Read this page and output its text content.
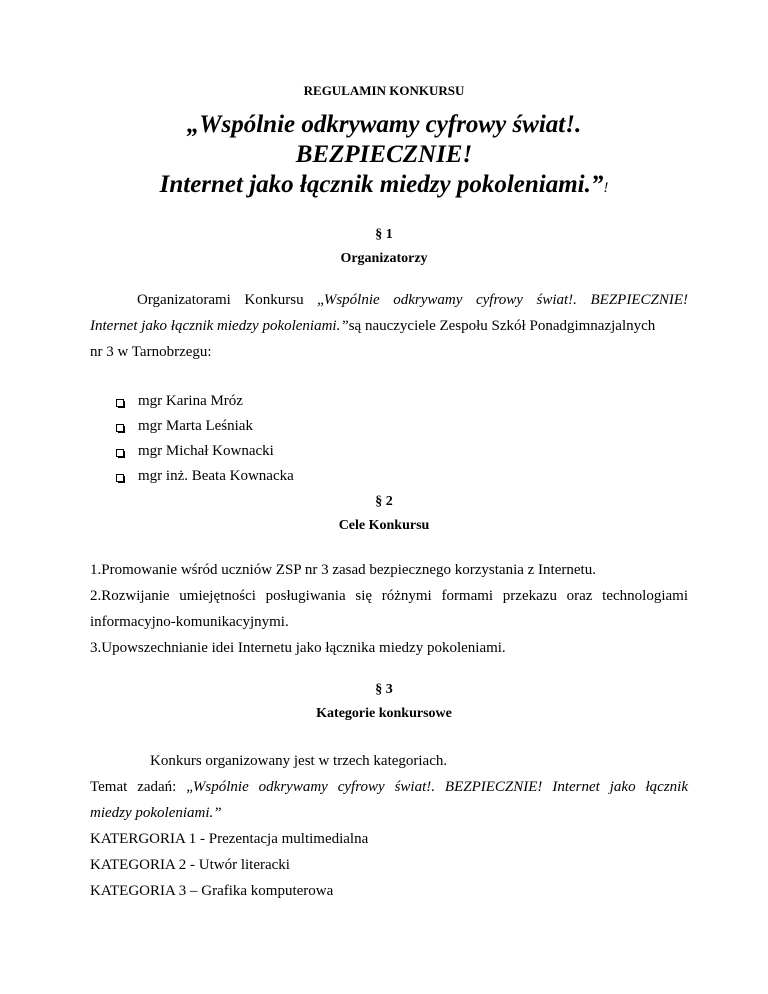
REGULAMIN KONKURSU
„Wspólnie odkrywamy cyfrowy świat!.
BEZPIECZNIE!
Internet jako łącznik miedzy pokoleniami.”!
§ 1
Organizatorzy
Organizatorami Konkursu „Wspólnie odkrywamy cyfrowy świat!. BEZPIECZNIE!
Internet jako łącznik miedzy pokoleniami.”są nauczyciele Zespołu Szkół Ponadgimnazjalnych
nr 3 w Tarnobrzegu:
mgr Karina Mróz
mgr Marta Leśniak
mgr Michał Kownacki
mgr inż. Beata Kownacka
§ 2
Cele Konkursu
1.Promowanie wśród uczniów ZSP nr 3 zasad bezpiecznego korzystania z Internetu.
2.Rozwijanie umiejętności posługiwania się różnymi formami przekazu oraz technologiami
informacyjno-komunikacyjnymi.
3.Upowszechnianie idei Internetu jako łącznika miedzy pokoleniami.
§ 3
Kategorie konkursowe
Konkurs organizowany jest w trzech kategoriach.
Temat zadań: „Wspólnie odkrywamy cyfrowy świat!. BEZPIECZNIE! Internet jako łącznik
miedzy pokoleniami.”
KATERGORIA 1 - Prezentacja multimedialna
KATEGORIA 2 - Utwór literacki
KATEGORIA 3 – Grafika komputerowa
